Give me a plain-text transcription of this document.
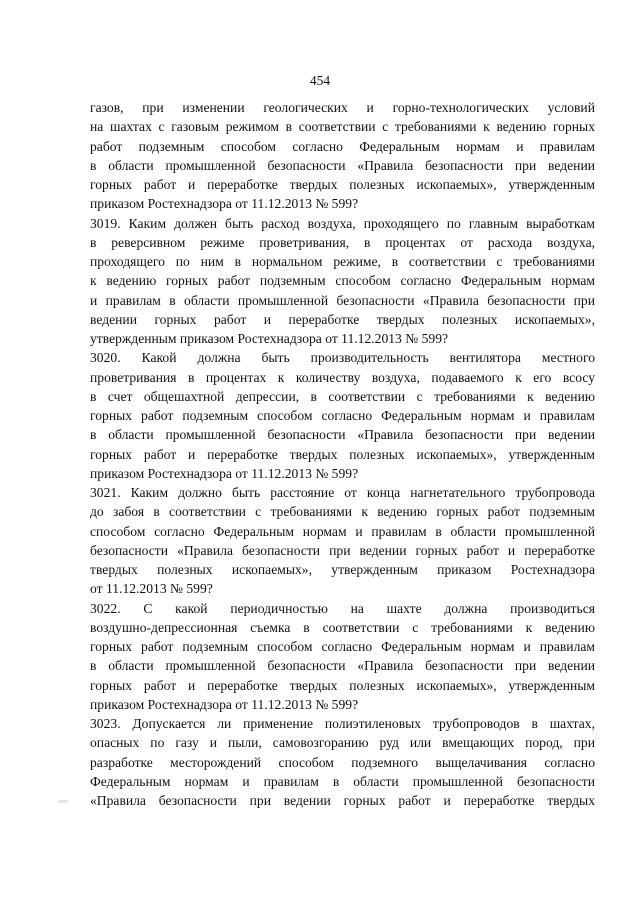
454
газов, при изменении геологических и горно-технологических условий
на шахтах с газовым режимом в соответствии с требованиями к ведению горных
работ подземным способом согласно Федеральным нормам и правилам
в области промышленной безопасности «Правила безопасности при ведении
горных работ и переработке твердых полезных ископаемых», утвержденным
приказом Ростехнадзора от 11.12.2013 № 599?
3019. Каким должен быть расход воздуха, проходящего по главным выработкам
в реверсивном режиме проветривания, в процентах от расхода воздуха,
проходящего по ним в нормальном режиме, в соответствии с требованиями
к ведению горных работ подземным способом согласно Федеральным нормам
и правилам в области промышленной безопасности «Правила безопасности при
ведении горных работ и переработке твердых полезных ископаемых»,
утвержденным приказом Ростехнадзора от 11.12.2013 № 599?
3020. Какой должна быть производительность вентилятора местного
проветривания в процентах к количеству воздуха, подаваемого к его всосу
в счет общешахтной депрессии, в соответствии с требованиями к ведению
горных работ подземным способом согласно Федеральным нормам и правилам
в области промышленной безопасности «Правила безопасности при ведении
горных работ и переработке твердых полезных ископаемых», утвержденным
приказом Ростехнадзора от 11.12.2013 № 599?
3021. Каким должно быть расстояние от конца нагнетательного трубопровода
до забоя в соответствии с требованиями к ведению горных работ подземным
способом согласно Федеральным нормам и правилам в области промышленной
безопасности «Правила безопасности при ведении горных работ и переработке
твердых полезных ископаемых», утвержденным приказом Ростехнадзора
от 11.12.2013 № 599?
3022. С какой периодичностью на шахте должна производиться
воздушно-депрессионная съемка в соответствии с требованиями к ведению
горных работ подземным способом согласно Федеральным нормам и правилам
в области промышленной безопасности «Правила безопасности при ведении
горных работ и переработке твердых полезных ископаемых», утвержденным
приказом Ростехнадзора от 11.12.2013 № 599?
3023. Допускается ли применение полиэтиленовых трубопроводов в шахтах,
опасных по газу и пыли, самовозгоранию руд или вмещающих пород, при
разработке месторождений способом подземного выщелачивания согласно
Федеральным нормам и правилам в области промышленной безопасности
«Правила безопасности при ведении горных работ и переработке твердых
